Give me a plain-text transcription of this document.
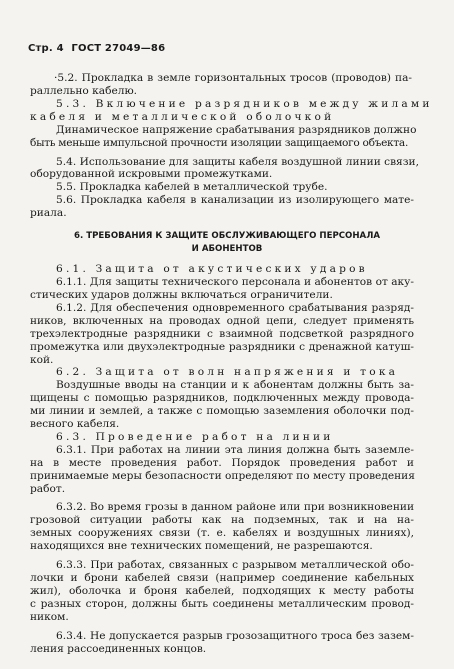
Стр. 4 ГОСТ 27049—86
·5.2. Прокладка в земле горизонтальных тросов (проводов) па-
раллельно кабелю.
5.3. Включение разрядников между жилами
кабеля и металлической оболочкой
Динамическое напряжение срабатывания разрядников должно
быть меньше импульсной прочности изоляции защищаемого объекта.
5.4. Использование для защиты кабеля воздушной линии связи,
оборудованной искровыми промежутками.
5.5. Прокладка кабелей в металлической трубе.
5.6. Прокладка кабеля в канализации из изолирующего мате-
риала.
6. ТРЕБОВАНИЯ К ЗАЩИТЕ ОБСЛУЖИВАЮЩЕГО ПЕРСОНАЛА
И АБОНЕНТОВ
6.1. Защита от акустических ударов
6.1.1. Для защиты технического персонала и абонентов от аку-
стических ударов должны включаться ограничители.
6.1.2. Для обеспечения одновременного срабатывания разряд-
ников, включенных на проводах одной цепи, следует применять
трехэлектродные разрядники с взаимной подсветкой разрядного
промежутка или двухэлектродные разрядники с дренажной катуш-
кой.
6.2. Защита от волн напряжения и тока
Воздушные вводы на станции и к абонентам должны быть за-
щищены с помощью разрядников, подключенных между провода-
ми линии и землей, а также с помощью заземления оболочки под-
весного кабеля.
6.3. Проведение работ на линии
6.3.1. При работах на линии эта линия должна быть заземле-
на в месте проведения работ. Порядок проведения работ и
принимаемые меры безопасности определяют по месту проведения
работ.
6.3.2. Во время грозы в данном районе или при возникновении
грозовой ситуации работы как на подземных, так и на на-
земных сооружениях связи (т. е. кабелях и воздушных линиях),
находящихся вне технических помещений, не разрешаются.
6.3.3. При работах, связанных с разрывом металлической обо-
лочки и брони кабелей связи (например соединение кабельных
жил), оболочка и броня кабелей, подходящих к месту работы
с разных сторон, должны быть соединены металлическим провод-
ником.
6.3.4. Не допускается разрыв грозозащитного троса без зазем-
ления рассоединенных концов.
